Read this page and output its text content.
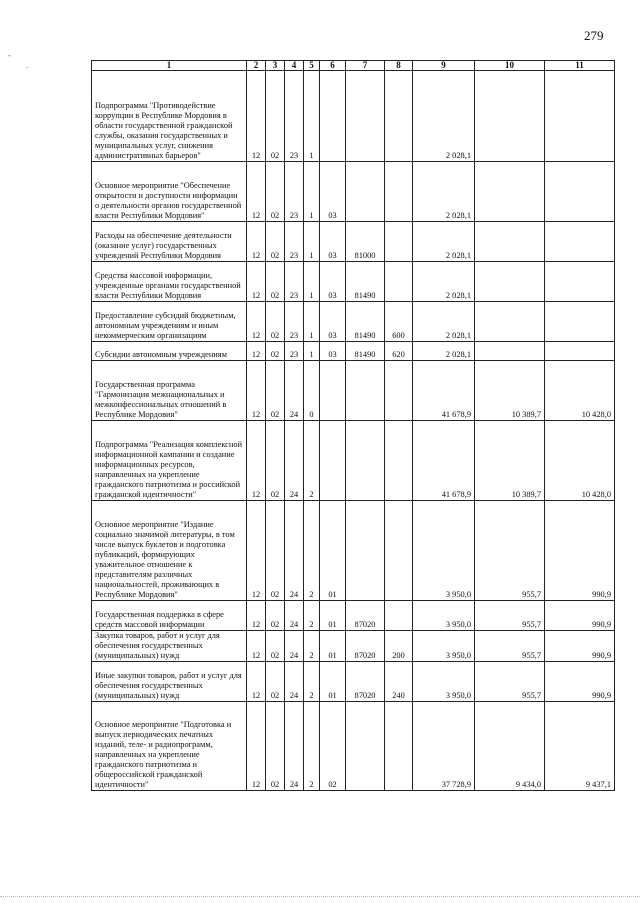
279
-
.	1	2	3	4	5	6	7	8	9	10	11
Подпрограмма "Противодействие коррупции в Республике Мордовия в области государственной гражданской службы, оказания государственных и муниципальных услуг, снижения административных барьеров"	12	02	23	1				2 028,1		
Основное мероприятие "Обеспечение открытости и доступности информации о деятельности органов государственной власти Республики Мордовия"	12	02	23	1	03			2 028,1		
Расходы на обеспечение деятельности (оказание услуг) государственных учреждений Республики Мордовия	12	02	23	1	03	81000		2 028,1		
Средства массовой информации, учрежденные органами государственной власти Республики Мордовия	12	02	23	1	03	81490		2 028,1		
Предоставление субсидий бюджетным, автономным учреждениям и иным некоммерческим организациям	12	02	23	1	03	81490	600	2 028,1		
Субсидии автономным учреждениям	12	02	23	1	03	81490	620	2 028,1		
Государственная программа "Гармонизация межнациональных и межконфессиональных отношений в Республике Мордовия"	12	02	24	0				41 678,9	10 389,7	10 428,0
Подпрограмма "Реализация комплексной информационной кампании и создание информационных ресурсов, направленных на укрепление гражданского патриотизма и российской гражданской идентичности"	12	02	24	2				41 678,9	10 389,7	10 428,0
Основное мероприятие "Издание социально значимой литературы, в том числе выпуск буклетов и подготовка публикаций, формирующих уважительное отношение к представителям различных национальностей, проживающих в Республике Мордовия"	12	02	24	2	01			3 950,0	955,7	990,9
Государственная поддержка в сфере средств массовой информации	12	02	24	2	01	87020		3 950,0	955,7	990,9
Закупка товаров, работ и услуг для обеспечения государственных (муниципальных) нужд	12	02	24	2	01	87020	200	3 950,0	955,7	990,9
Иные закупки товаров, работ и услуг для обеспечения государственных (муниципальных) нужд	12	02	24	2	01	87020	240	3 950,0	955,7	990,9
Основное мероприятие "Подготовка и выпуск периодических печатных изданий, теле- и радиопрограмм, направленных на укрепление гражданского патриотизма и общероссийской гражданской идентичности"	12	02	24	2	02			37 728,9	9 434,0	9 437,1
